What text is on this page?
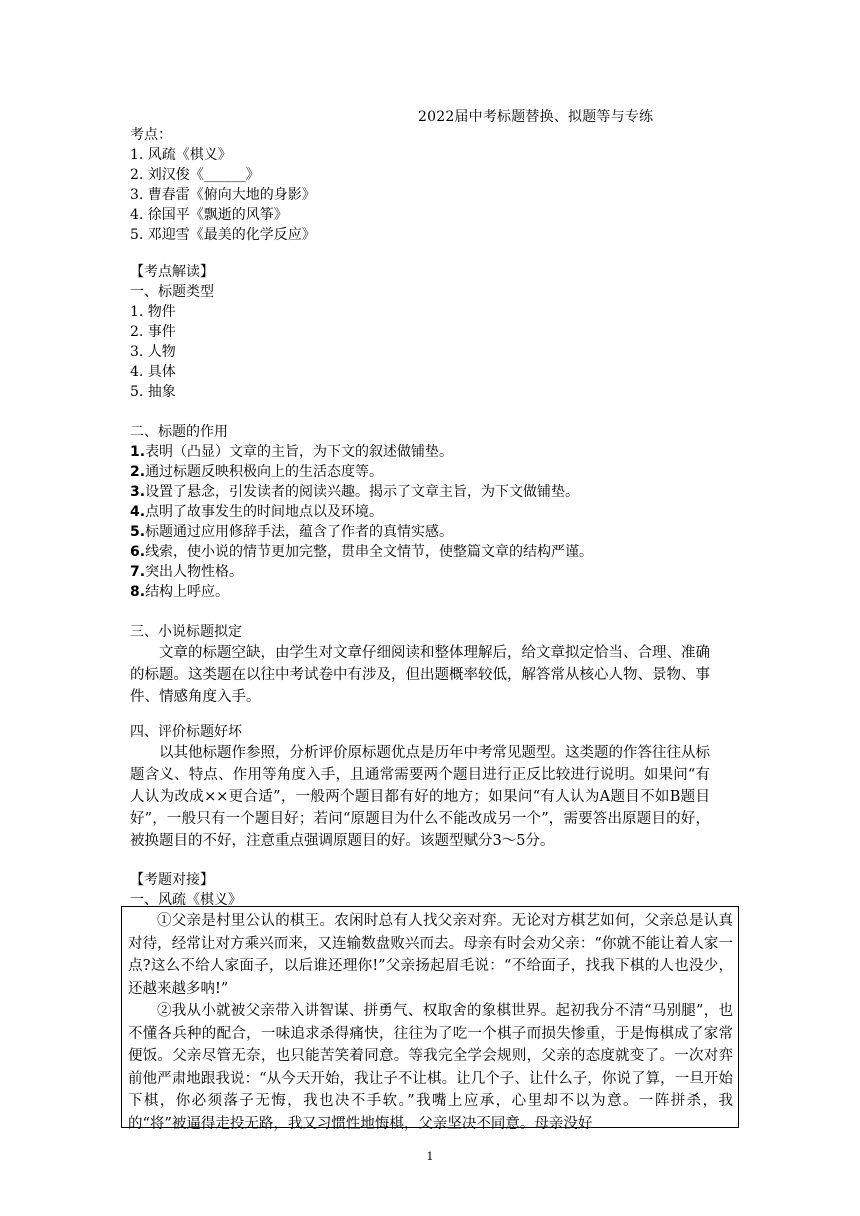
2022届中考标题替换、拟题等与专练
考点：
1. 风疏《棋义》
2. 刘汉俊《______》
3. 曹春雷《俯向大地的身影》
4. 徐国平《飘逝的风筝》
5. 邓迎雪《最美的化学反应》
【考点解读】
一、标题类型
1. 物件
2. 事件
3. 人物
4. 具体
5. 抽象
二、标题的作用
1.表明（凸显）文章的主旨，为下文的叙述做铺垫。
2.通过标题反映积极向上的生活态度等。
3.设置了悬念，引发读者的阅读兴趣。揭示了文章主旨，为下文做铺垫。
4.点明了故事发生的时间地点以及环境。
5.标题通过应用修辞手法，蕴含了作者的真情实感。
6.线索，使小说的情节更加完整，贯串全文情节，使整篇文章的结构严谨。
7.突出人物性格。
8.结构上呼应。
三、小说标题拟定
文章的标题空缺，由学生对文章仔细阅读和整体理解后，给文章拟定恰当、合理、准确的标题。这类题在以往中考试卷中有涉及，但出题概率较低，解答常从核心人物、景物、事件、情感角度入手。
四、评价标题好坏
以其他标题作参照，分析评价原标题优点是历年中考常见题型。这类题的作答往往从标题含义、特点、作用等角度入手，且通常需要两个题目进行正反比较进行说明。如果问“有人认为改成××更合适”，一般两个题目都有好的地方；如果问“有人认为A题目不如B题目好”，一般只有一个题目好；若问“原题目为什么不能改成另一个”，需要答出原题目的好，被换题目的不好，注意重点强调原题目的好。该题型赋分3～5分。
【考题对接】
一、风疏《棋义》

①父亲是村里公认的棋王。农闲时总有人找父亲对弈。无论对方棋艺如何，父亲总是认真对待，经常让对方乘兴而来，又连输数盘败兴而去。母亲有时会劝父亲：“你就不能让着人家一点?这么不给人家面子，以后谁还理你!”父亲扬起眉毛说：“不给面子，找我下棋的人也没少，还越来越多呐!”

②我从小就被父亲带入讲智谋、拼勇气、权取舍的象棋世界。起初我分不清“马别腿”，也不懂各兵种的配合，一味追求杀得痛快，往往为了吃一个棋子而损失惨重，于是悔棋成了家常便饭。父亲尽管无奈，也只能苦笑着同意。等我完全学会规则，父亲的态度就变了。一次对弈前他严肃地跟我说：“从今天开始，我让子不让棋。让几个子、让什么子，你说了算，一旦开始下棋，你必须落子无悔，我也决不手软。”我嘴上应承，心里却不以为意。一阵拼杀，我的“将”被逼得走投无路，我又习惯性地悔棋，父亲坚决不同意。母亲没好

1
